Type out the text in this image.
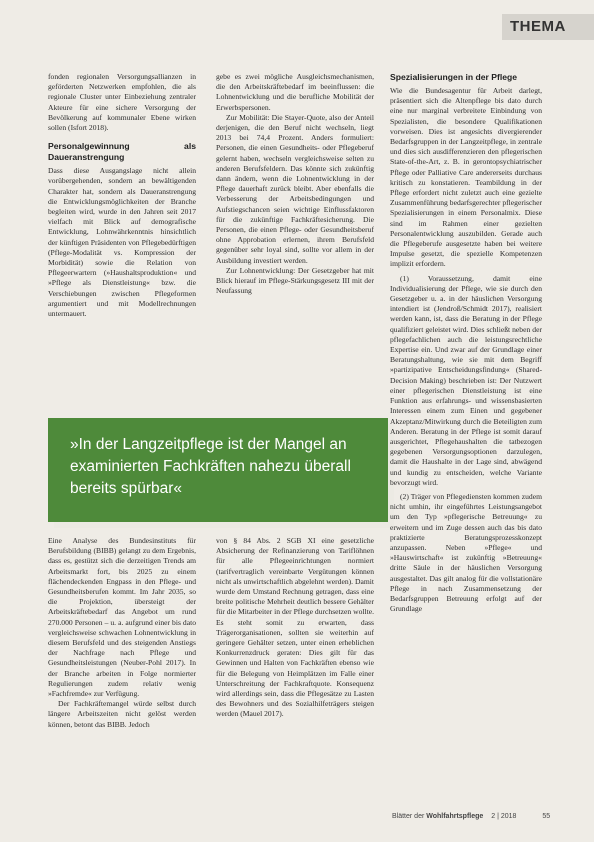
THEMA

fonden regionalen Versorgungsallianzen in geförderten Netzwerken empfohlen, die als regionale Cluster unter Einbeziehung zentraler Akteure für eine sichere Versorgung der Bevölkerung auf kommunaler Ebene wirken sollen (Isfort 2018).

Personalgewinnung als Daueranstrengung

Dass diese Ausgangslage nicht allein vorübergehenden, sondern an bewältigenden Charakter hat, sondern als Daueranstrengung die Entwicklungsmöglichkeiten der Branche begleiten wird, wurde in den Jahren seit 2017 vielfach mit Blick auf demografische Entwicklung, Lohnwährkenntnis hinsichtlich der künftigen Präsidenten von Pflegebedürftigen (Pflege-Modalität vs. Kompression der Morbidität) sowie die Relation von Pflegeerwartern (»Haushaltsproduktion« und »Pflege als Dienstleistung« bzw. die Verschiebungen zwischen Pflegeformen argumentiert und mit Modellrechnungen untermauert.

gebe es zwei mögliche Ausgleichsmechanismen, die den Arbeitskräftebedarf im beeinflussen: die Lohnentwicklung und die berufliche Mobilität der Erwerbspersonen.

Zur Mobilität: Die Stayer-Quote, also der Anteil derjenigen, die den Beruf nicht wechseln, liegt 2013 bei 74,4 Prozent. Anders formuliert: Personen, die einen Gesundheits- oder Pflegeberuf gelernt haben, wechseln vergleichsweise selten zu anderen Berufsfeldern. Das könnte sich zukünftig dann ändern, wenn die Lohnentwicklung in der Pflege dauerhaft zurück bleibt. Aber ebenfalls die Verbesserung der Arbeitsbedingungen und Aufstiegschancen seien wichtige Einflussfaktoren für die zukünftige Fachkräftesicherung. Die Personen, die einen Pflege- oder Gesundheitsberuf ohne Approbation erlernen, ihrem Berufsfeld gegenüber sehr loyal sind, sollte vor allem in der Ausbildung investiert werden.

Zur Lohnentwicklung: Der Gesetzgeber hat mit Blick hierauf im Pflege-Stärkungsgesetz III mit der Neufassung

»In der Langzeitpflege ist der Mangel an examinierten Fachkräften nahezu überall bereits spürbar«

Eine Analyse des Bundesinstituts für Berufsbildung (BIBB) gelangt zu dem Ergebnis, dass es, gestützt sich die derzeitigen Trends am Arbeitsmarkt fort, bis 2025 zu einem flächendeckenden Engpass in den Pflege- und Gesundheitsberufen kommt. Im Jahr 2035, so die Projektion, übersteigt der Arbeitskräftebedarf das Angebot um rund 270.000 Personen – u. a. aufgrund einer bis dato vergleichsweise schwachen Lohnentwicklung in diesem Berufsfeld und des steigenden Anstiegs der Nachfrage nach Pflege und Gesundheitsleistungen (Neuber-Pohl 2017). In der Branche arbeiten in Folge normierter Regulierungen zudem relativ wenig »Fachfremde« zur Verfügung.

Der Fachkräftemangel würde selbst durch längere Arbeitszeiten nicht gelöst werden können, betont das BIBB. Jedoch

von § 84 Abs. 2 SGB XI eine gesetzliche Absicherung der Refinanzierung von Tariflöhnen für alle Pflegeeinrichtungen normiert (tarifvertraglich vereinbarte Vergütungen können nicht als unwirtschaftlich abgelehnt werden). Damit wurde dem Umstand Rechnung getragen, dass eine breite politische Mehrheit deutlich bessere Gehälter für die Mitarbeiter in der Pflege durchsetzen wollte. Es steht somit zu erwarten, dass Trägerorganisationen, sollten sie weiterhin auf geringere Gehälter setzen, unter einen erheblichen Konkurrenzdruck geraten: Dies gilt für das Gewinnen und Halten von Fachkräften ebenso wie für die Belegung von Heimplätzen im Falle einer Unterschreitung der Fachkraftquote. Konsequenz wird allerdings sein, dass die Pflegesätze zu Lasten des Bewohners und des Sozialhilfeträgers steigen werden (Mauel 2017).

Spezialisierungen in der Pflege

Wie die Bundesagentur für Arbeit darlegt, präsentiert sich die Altenpflege bis dato durch eine nur marginal verbreitete Einbindung von Spezialisten, die besondere Qualifikationen vorweisen. Dies ist angesichts divergierender Bedarfsgruppen in der Langzeitpflege, in zentrale und dies sich ausdifferenzieren den pflegerischen State-of-the-Art, z. B. in gerontopsychiatrischer Pflege oder Palliative Care andererseits durchaus kritisch zu konstatieren. Teambildung in der Pflege erfordert nicht zuletzt auch eine gezielte Zusammenführung bedarfsgerechter pflegerischer Spezialisierungen in einem Personalmix. Diese sind im Rahmen einer gezielten Personalentwicklung auszubilden. Gerade auch die Pflegeberufe ausgesetzte haben bei weitere Impulse gesetzt, die spezielle Kompetenzen implizit erfordern.

(1) Voraussetzung, damit eine Individualisierung der Pflege, wie sie durch den Gesetzgeber u. a. in der häuslichen Versorgung intendiert ist (Jendroß/Schmidt 2017), realisiert werden kann, ist, dass die Beratung in der Pflege qualifiziert geleistet wird. Dies schließt neben der pflegefachlichen auch die leistungsrechtliche Expertise ein. Und zwar auf der Grundlage einer Beratungshaltung, wie sie mit dem Begriff »partizipative Entscheidungsfindung« (Shared-Decision Making) beschrieben ist: Der Nutzwert einer pflegerischen Dienstleistung ist eine Funktion aus erfahrungs- und wissensbasierten Interessen einem zum Einen und gegebener Akzeptanz/Mitwirkung durch die Beteiligten zum Anderen. Beratung in der Pflege ist somit darauf ausgerichtet, Pflegehaushalten die tatbezogen gegebenen Versorgungsoptionen darzulegen, damit die Haushalte in der Lage sind, abwägend und kundig zu entscheiden, welche Variante bevorzugt wird.

(2) Träger von Pflegediensten kommen zudem nicht umhin, ihr eingeführtes Leistungsangebot um den Typ »pflegerische Betreuung« zu erweitern und im Zuge dessen auch das bis dato praktizierte Beratungsprozesskonzept anzupassen. Neben »Pflege« und »Hauswirtschaft« ist zukünftig »Betreuung« dritte Säule in der häuslichen Versorgung ausgestaltet. Das gilt analog für die vollstationäre Pflege in nach Zusammensetzung der Bedarfsgruppen Betreuung erfolgt auf der Grundlage

Blätter der Wohlfahrtspflege 2 | 2018	55
